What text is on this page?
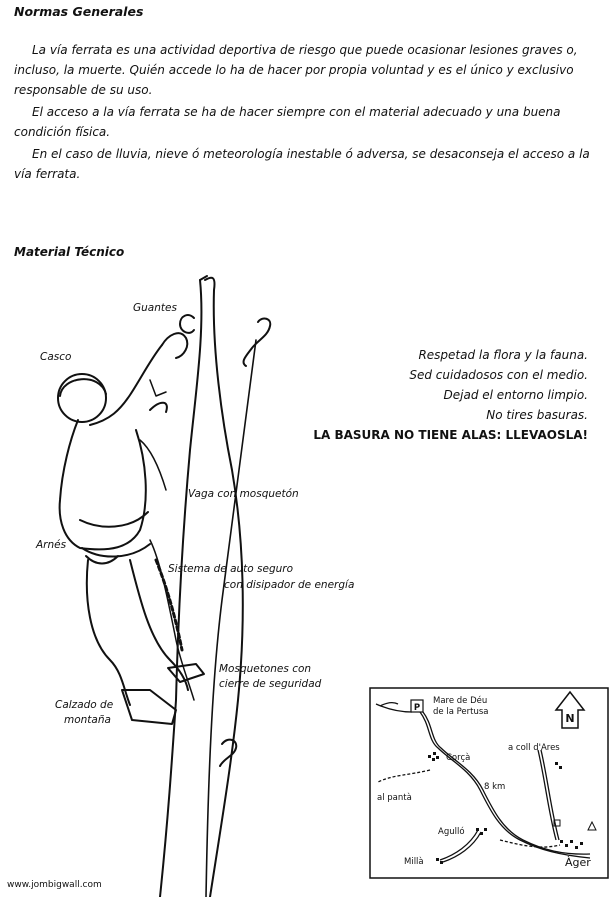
Normas Generales
La vía ferrata es una actividad deportiva de riesgo que puede ocasionar lesiones graves o, incluso, la muerte. Quién accede lo ha de hacer por propia voluntad y es el único y exclusivo responsable de su uso.
El acceso a la vía ferrata se ha de hacer siempre con el material adecuado y una buena condición física.
En el caso de lluvia, nieve ó meteorología inestable ó adversa, se desaconseja el acceso a la vía ferrata.
Material Técnico
Guantes
Casco
Vaga con mosquetón
Arnés
Sistema de auto seguro
con disipador de energía
Mosquetones con
cierre de seguridad
Calzado de
montaña
Respetad la flora y la fauna.
Sed cuidadosos con el medio.
Dejad el entorno limpio.
No tires basuras.
LA BASURA NO TIENE ALAS: LLEVAOSLA!
N
P
Mare de Déu
de la Pertusa
Corçà
a coll d'Ares
8 km
al pantà
Agulló
Millà	Àger
www.jombigwall.com
